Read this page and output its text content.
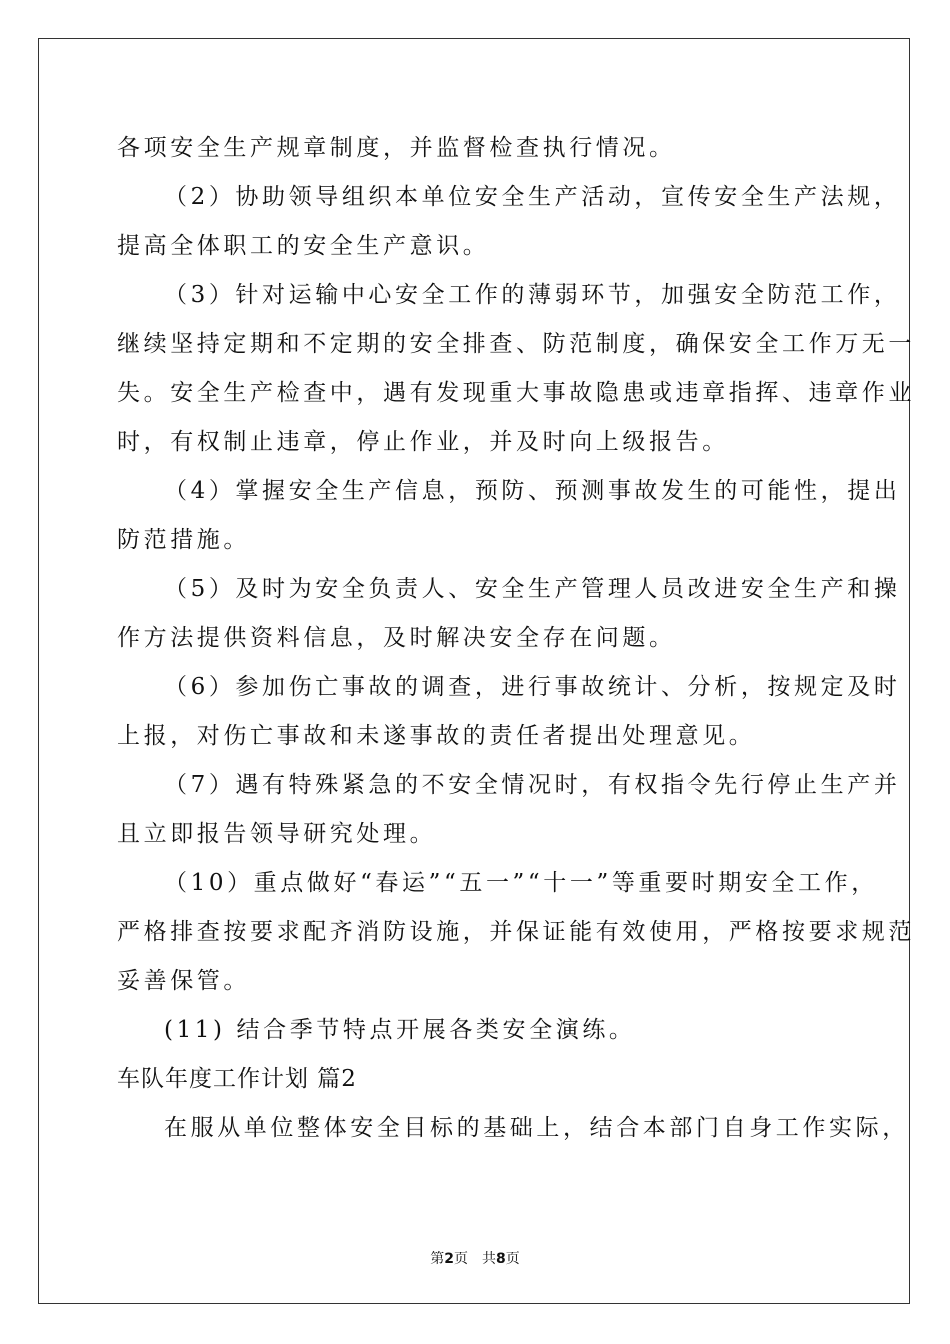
各项安全生产规章制度，并监督检查执行情况。
（2）协助领导组织本单位安全生产活动，宣传安全生产法规，
提高全体职工的安全生产意识。
（3）针对运输中心安全工作的薄弱环节，加强安全防范工作，
继续坚持定期和不定期的安全排查、防范制度，确保安全工作万无一
失。安全生产检查中，遇有发现重大事故隐患或违章指挥、违章作业
时，有权制止违章，停止作业，并及时向上级报告。
（4）掌握安全生产信息，预防、预测事故发生的可能性，提出
防范措施。
（5）及时为安全负责人、安全生产管理人员改进安全生产和操
作方法提供资料信息，及时解决安全存在问题。
（6）参加伤亡事故的调查，进行事故统计、分析，按规定及时
上报，对伤亡事故和未遂事故的责任者提出处理意见。
（7）遇有特殊紧急的不安全情况时，有权指令先行停止生产并
且立即报告领导研究处理。
（10）重点做好“春运”“五一”“十一”等重要时期安全工作，
严格排查按要求配齐消防设施，并保证能有效使用，严格按要求规范
妥善保管。
(11) 结合季节特点开展各类安全演练。
车队年度工作计划 篇2
在服从单位整体安全目标的基础上，结合本部门自身工作实际，
第2页 共8页
